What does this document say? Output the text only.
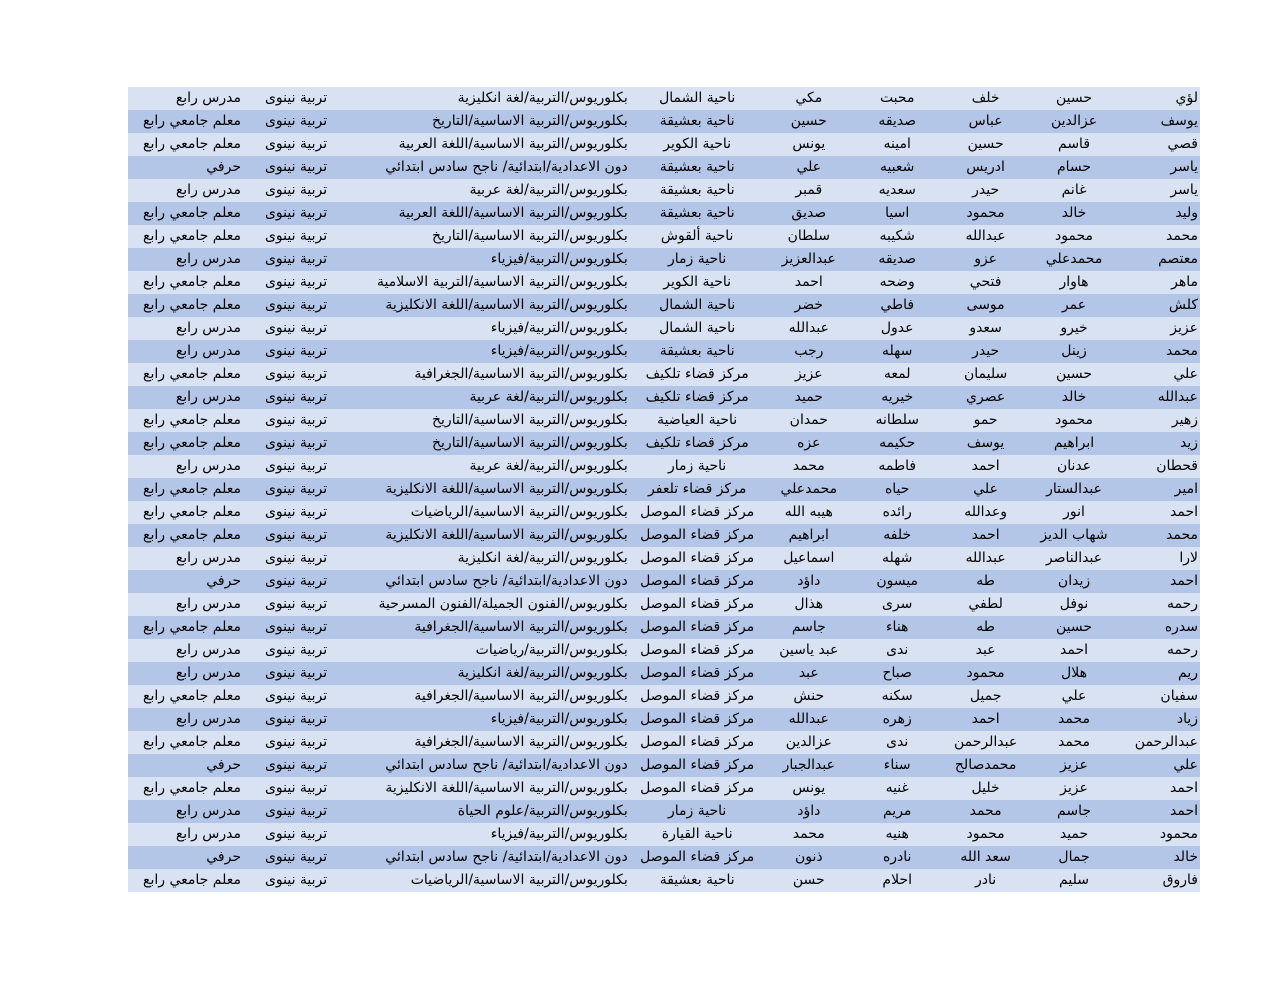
لؤي	حسين	خلف	محبت	مكي	ناحية الشمال	بكلوريوس/التربية/لغة انكليزية	تربية نينوى	مدرس رابع
يوسف	عزالدين	عباس	صديقه	حسين	ناحية بعشيقة	بكلوريوس/التربية الاساسية/التاريخ	تربية نينوى	معلم جامعي رابع
قصي	قاسم	حسين	امينه	يونس	ناحية الكوير	بكلوريوس/التربية الاساسية/اللغة العربية	تربية نينوى	معلم جامعي رابع
ياسر	حسام	ادريس	شعبيه	علي	ناحية بعشيقة	دون الاعدادية/ابتدائية/ ناجح سادس ابتدائي	تربية نينوى	حرفي
ياسر	غانم	حيدر	سعديه	قمبر	ناحية بعشيقة	بكلوريوس/التربية/لغة عربية	تربية نينوى	مدرس رابع
وليد	خالد	محمود	اسيا	صديق	ناحية بعشيقة	بكلوريوس/التربية الاساسية/اللغة العربية	تربية نينوى	معلم جامعي رابع
محمد	محمود	عبدالله	شكيبه	سلطان	ناحية ألقوش	بكلوريوس/التربية الاساسية/التاريخ	تربية نينوى	معلم جامعي رابع
معتصم	محمدعلي	عزو	صديقه	عبدالعزيز	ناحية زمار	بكلوريوس/التربية/فيزياء	تربية نينوى	مدرس رابع
ماهر	هاوار	فتحي	وضحه	احمد	ناحية الكوير	بكلوريوس/التربية الاساسية/التربية الاسلامية	تربية نينوى	معلم جامعي رابع
كلش	عمر	موسى	فاطي	خضر	ناحية الشمال	بكلوريوس/التربية الاساسية/اللغة الانكليزية	تربية نينوى	معلم جامعي رابع
عزيز	خيرو	سعدو	عدول	عبدالله	ناحية الشمال	بكلوريوس/التربية/فيزياء	تربية نينوى	مدرس رابع
محمد	زينل	حيدر	سهله	رجب	ناحية بعشيقة	بكلوريوس/التربية/فيزياء	تربية نينوى	مدرس رابع
علي	حسين	سليمان	لمعه	عزيز	مركز قضاء تلكيف	بكلوريوس/التربية الاساسية/الجغرافية	تربية نينوى	معلم جامعي رابع
عبدالله	خالد	عصري	خيريه	حميد	مركز قضاء تلكيف	بكلوريوس/التربية/لغة عربية	تربية نينوى	مدرس رابع
زهير	محمود	حمو	سلطانه	حمدان	ناحية العياضية	بكلوريوس/التربية الاساسية/التاريخ	تربية نينوى	معلم جامعي رابع
زيد	ابراهيم	يوسف	حكيمه	عزه	مركز قضاء تلكيف	بكلوريوس/التربية الاساسية/التاريخ	تربية نينوى	معلم جامعي رابع
قحطان	عدنان	احمد	فاطمه	محمد	ناحية زمار	بكلوريوس/التربية/لغة عربية	تربية نينوى	مدرس رابع
امير	عبدالستار	علي	حياه	محمدعلي	مركز قضاء تلعفر	بكلوريوس/التربية الاساسية/اللغة الانكليزية	تربية نينوى	معلم جامعي رابع
احمد	انور	وعدالله	رائده	هيبه الله	مركز قضاء الموصل	بكلوريوس/التربية الاساسية/الرياضيات	تربية نينوى	معلم جامعي رابع
محمد	شهاب الديز	احمد	خلفه	ابراهيم	مركز قضاء الموصل	بكلوريوس/التربية الاساسية/اللغة الانكليزية	تربية نينوى	معلم جامعي رابع
لارا	عبدالناصر	عبدالله	شهله	اسماعيل	مركز قضاء الموصل	بكلوريوس/التربية/لغة انكليزية	تربية نينوى	مدرس رابع
احمد	زيدان	طه	ميسون	داؤد	مركز قضاء الموصل	دون الاعدادية/ابتدائية/ ناجح سادس ابتدائي	تربية نينوى	حرفي
رحمه	نوفل	لطفي	سرى	هذال	مركز قضاء الموصل	بكلوريوس/الفنون الجميلة/الفنون المسرحية	تربية نينوى	مدرس رابع
سدره	حسين	طه	هناء	جاسم	مركز قضاء الموصل	بكلوريوس/التربية الاساسية/الجغرافية	تربية نينوى	معلم جامعي رابع
رحمه	احمد	عبد	ندى	عبد ياسين	مركز قضاء الموصل	بكلوريوس/التربية/رياضيات	تربية نينوى	مدرس رابع
ريم	هلال	محمود	صباح	عبد	مركز قضاء الموصل	بكلوريوس/التربية/لغة انكليزية	تربية نينوى	مدرس رابع
سفيان	علي	جميل	سكنه	حنش	مركز قضاء الموصل	بكلوريوس/التربية الاساسية/الجغرافية	تربية نينوى	معلم جامعي رابع
زياد	محمد	احمد	زهره	عبدالله	مركز قضاء الموصل	بكلوريوس/التربية/فيزياء	تربية نينوى	مدرس رابع
عبدالرحمن	محمد	عبدالرحمن	ندى	عزالدين	مركز قضاء الموصل	بكلوريوس/التربية الاساسية/الجغرافية	تربية نينوى	معلم جامعي رابع
علي	عزيز	محمدصالح	سناء	عبدالجبار	مركز قضاء الموصل	دون الاعدادية/ابتدائية/ ناجح سادس ابتدائي	تربية نينوى	حرفي
احمد	عزيز	خليل	غنيه	يونس	مركز قضاء الموصل	بكلوريوس/التربية الاساسية/اللغة الانكليزية	تربية نينوى	معلم جامعي رابع
احمد	جاسم	محمد	مريم	داؤد	ناحية زمار	بكلوريوس/التربية/علوم الحياة	تربية نينوى	مدرس رابع
محمود	حميد	محمود	هنيه	محمد	ناحية القيارة	بكلوريوس/التربية/فيزياء	تربية نينوى	مدرس رابع
خالد	جمال	سعد الله	نادره	ذنون	مركز قضاء الموصل	دون الاعدادية/ابتدائية/ ناجح سادس ابتدائي	تربية نينوى	حرفي
فاروق	سليم	نادر	احلام	حسن	ناحية بعشيقة	بكلوريوس/التربية الاساسية/الرياضيات	تربية نينوى	معلم جامعي رابع
